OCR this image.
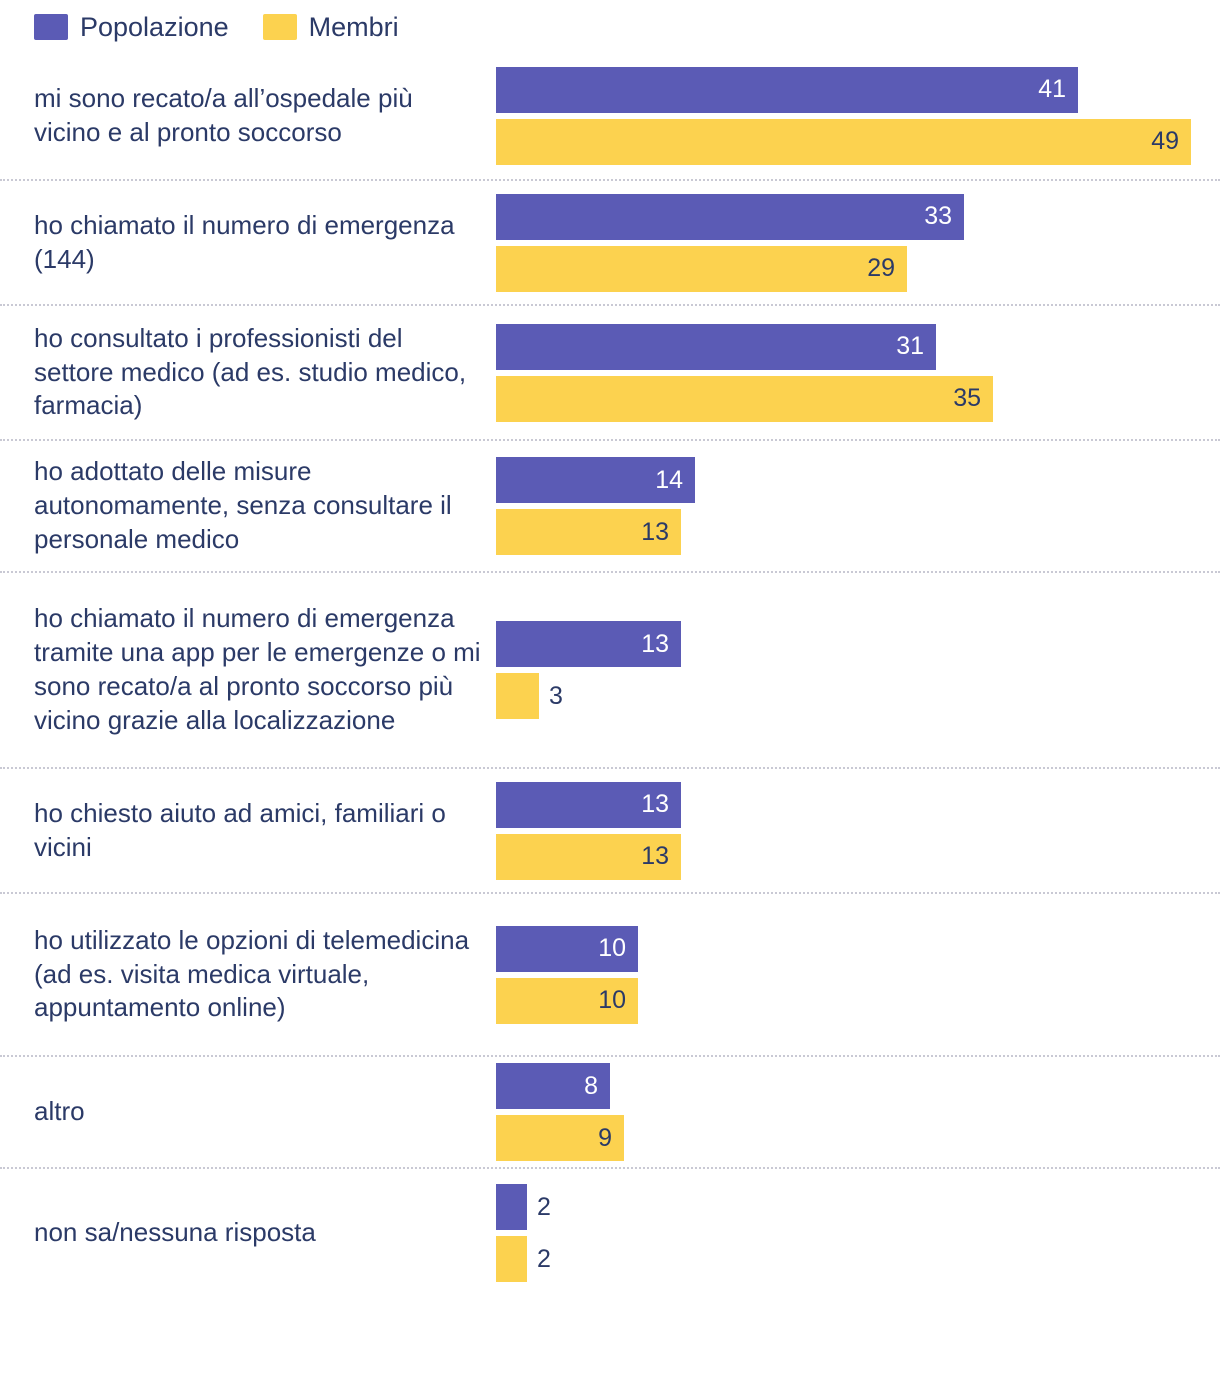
Popolazione	Membri
mi sono recato/a all’ospedale più vicino e al pronto soccorso
41
49
ho chiamato il numero di emergenza (144)
33
29
ho consultato i professionisti del settore medico (ad es. studio medico, farmacia)
31
35
ho adottato delle misure autonomamente, senza consultare il personale medico
14
13
ho chiamato il numero di emergenza tramite una app per le emergenze o mi sono recato/a al pronto soccorso più vicino grazie alla localizzazione
13
3
ho chiesto aiuto ad amici, familiari o vicini
13
13
ho utilizzato le opzioni di telemedicina (ad es. visita medica virtuale, appuntamento online)
10
10
altro
8
9
non sa/nessuna risposta
2
2
